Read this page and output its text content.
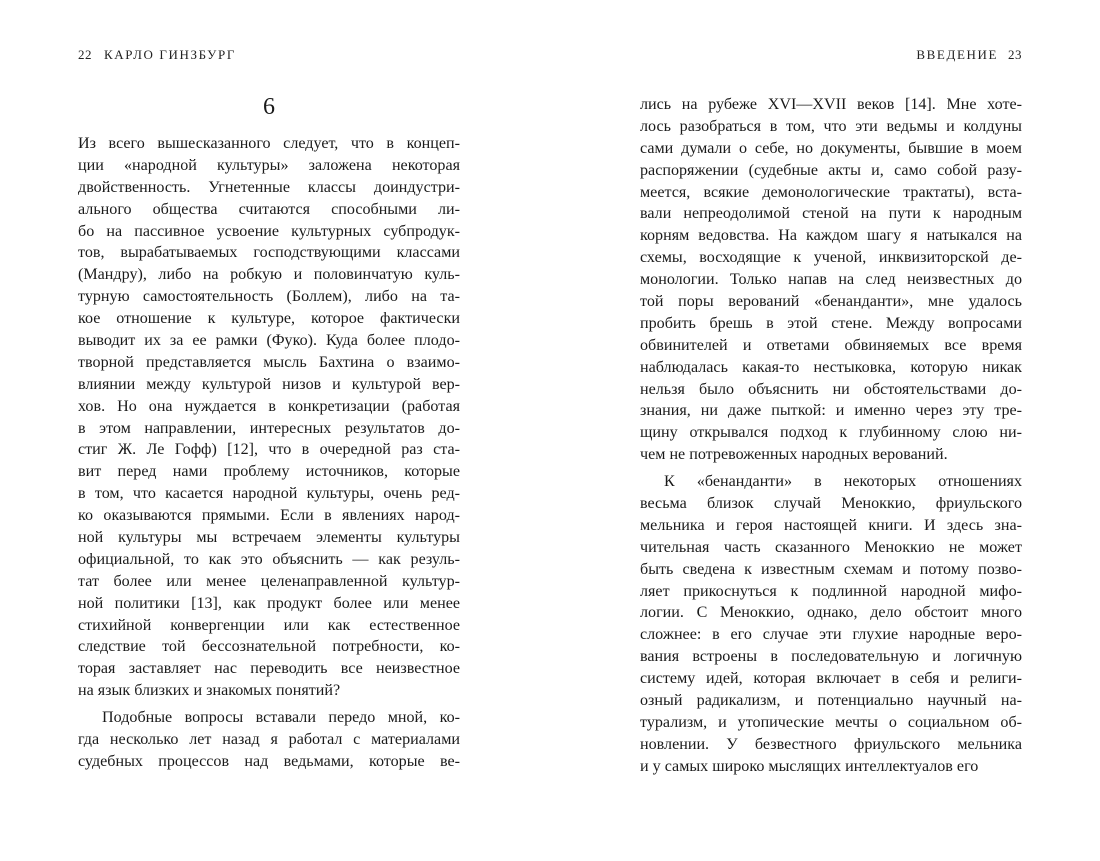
22 КАРЛО ГИНЗБУРГ
6
Из всего вышесказанного следует, что в концеп-
ции «народной культуры» заложена некоторая
двойственность. Угнетенные классы доиндустри-
ального общества считаются способными ли-
бо на пассивное усвоение культурных субпродук-
тов, вырабатываемых господствующими классами
(Мандру), либо на робкую и половинчатую куль-
турную самостоятельность (Боллем), либо на та-
кое отношение к культуре, которое фактически
выводит их за ее рамки (Фуко). Куда более плодо-
творной представляется мысль Бахтина о взаимо-
влиянии между культурой низов и культурой вер-
хов. Но она нуждается в конкретизации (работая
в этом направлении, интересных результатов до-
стиг Ж. Ле Гофф) [12], что в очередной раз ста-
вит перед нами проблему источников, которые
в том, что касается народной культуры, очень ред-
ко оказываются прямыми. Если в явлениях народ-
ной культуры мы встречаем элементы культуры
официальной, то как это объяснить — как резуль-
тат более или менее целенаправленной культур-
ной политики [13], как продукт более или менее
стихийной конвергенции или как естественное
следствие той бессознательной потребности, ко-
торая заставляет нас переводить все неизвестное
на язык близких и знакомых понятий?
Подобные вопросы вставали передо мной, ко-
гда несколько лет назад я работал с материалами
судебных процессов над ведьмами, которые ве-
ВВЕДЕНИЕ 23
лись на рубеже XVI—XVII веков [14]. Мне хоте-
лось разобраться в том, что эти ведьмы и колдуны
сами думали о себе, но документы, бывшие в моем
распоряжении (судебные акты и, само собой разу-
меется, всякие демонологические трактаты), вста-
вали непреодолимой стеной на пути к народным
корням ведовства. На каждом шагу я натыкался на
схемы, восходящие к ученой, инквизиторской де-
монологии. Только напав на след неизвестных до
той поры верований «бенанданти», мне удалось
пробить брешь в этой стене. Между вопросами
обвинителей и ответами обвиняемых все время
наблюдалась какая-то нестыковка, которую никак
нельзя было объяснить ни обстоятельствами до-
знания, ни даже пыткой: и именно через эту тре-
щину открывался подход к глубинному слою ни-
чем не потревоженных народных верований.
К «бенанданти» в некоторых отношениях
весьма близок случай Меноккио, фриульского
мельника и героя настоящей книги. И здесь зна-
чительная часть сказанного Меноккио не может
быть сведена к известным схемам и потому позво-
ляет прикоснуться к подлинной народной мифо-
логии. С Меноккио, однако, дело обстоит много
сложнее: в его случае эти глухие народные веро-
вания встроены в последовательную и логичную
систему идей, которая включает в себя и религи-
озный радикализм, и потенциально научный на-
турализм, и утопические мечты о социальном об-
новлении. У безвестного фриульского мельника
и у самых широко мыслящих интеллектуалов его
